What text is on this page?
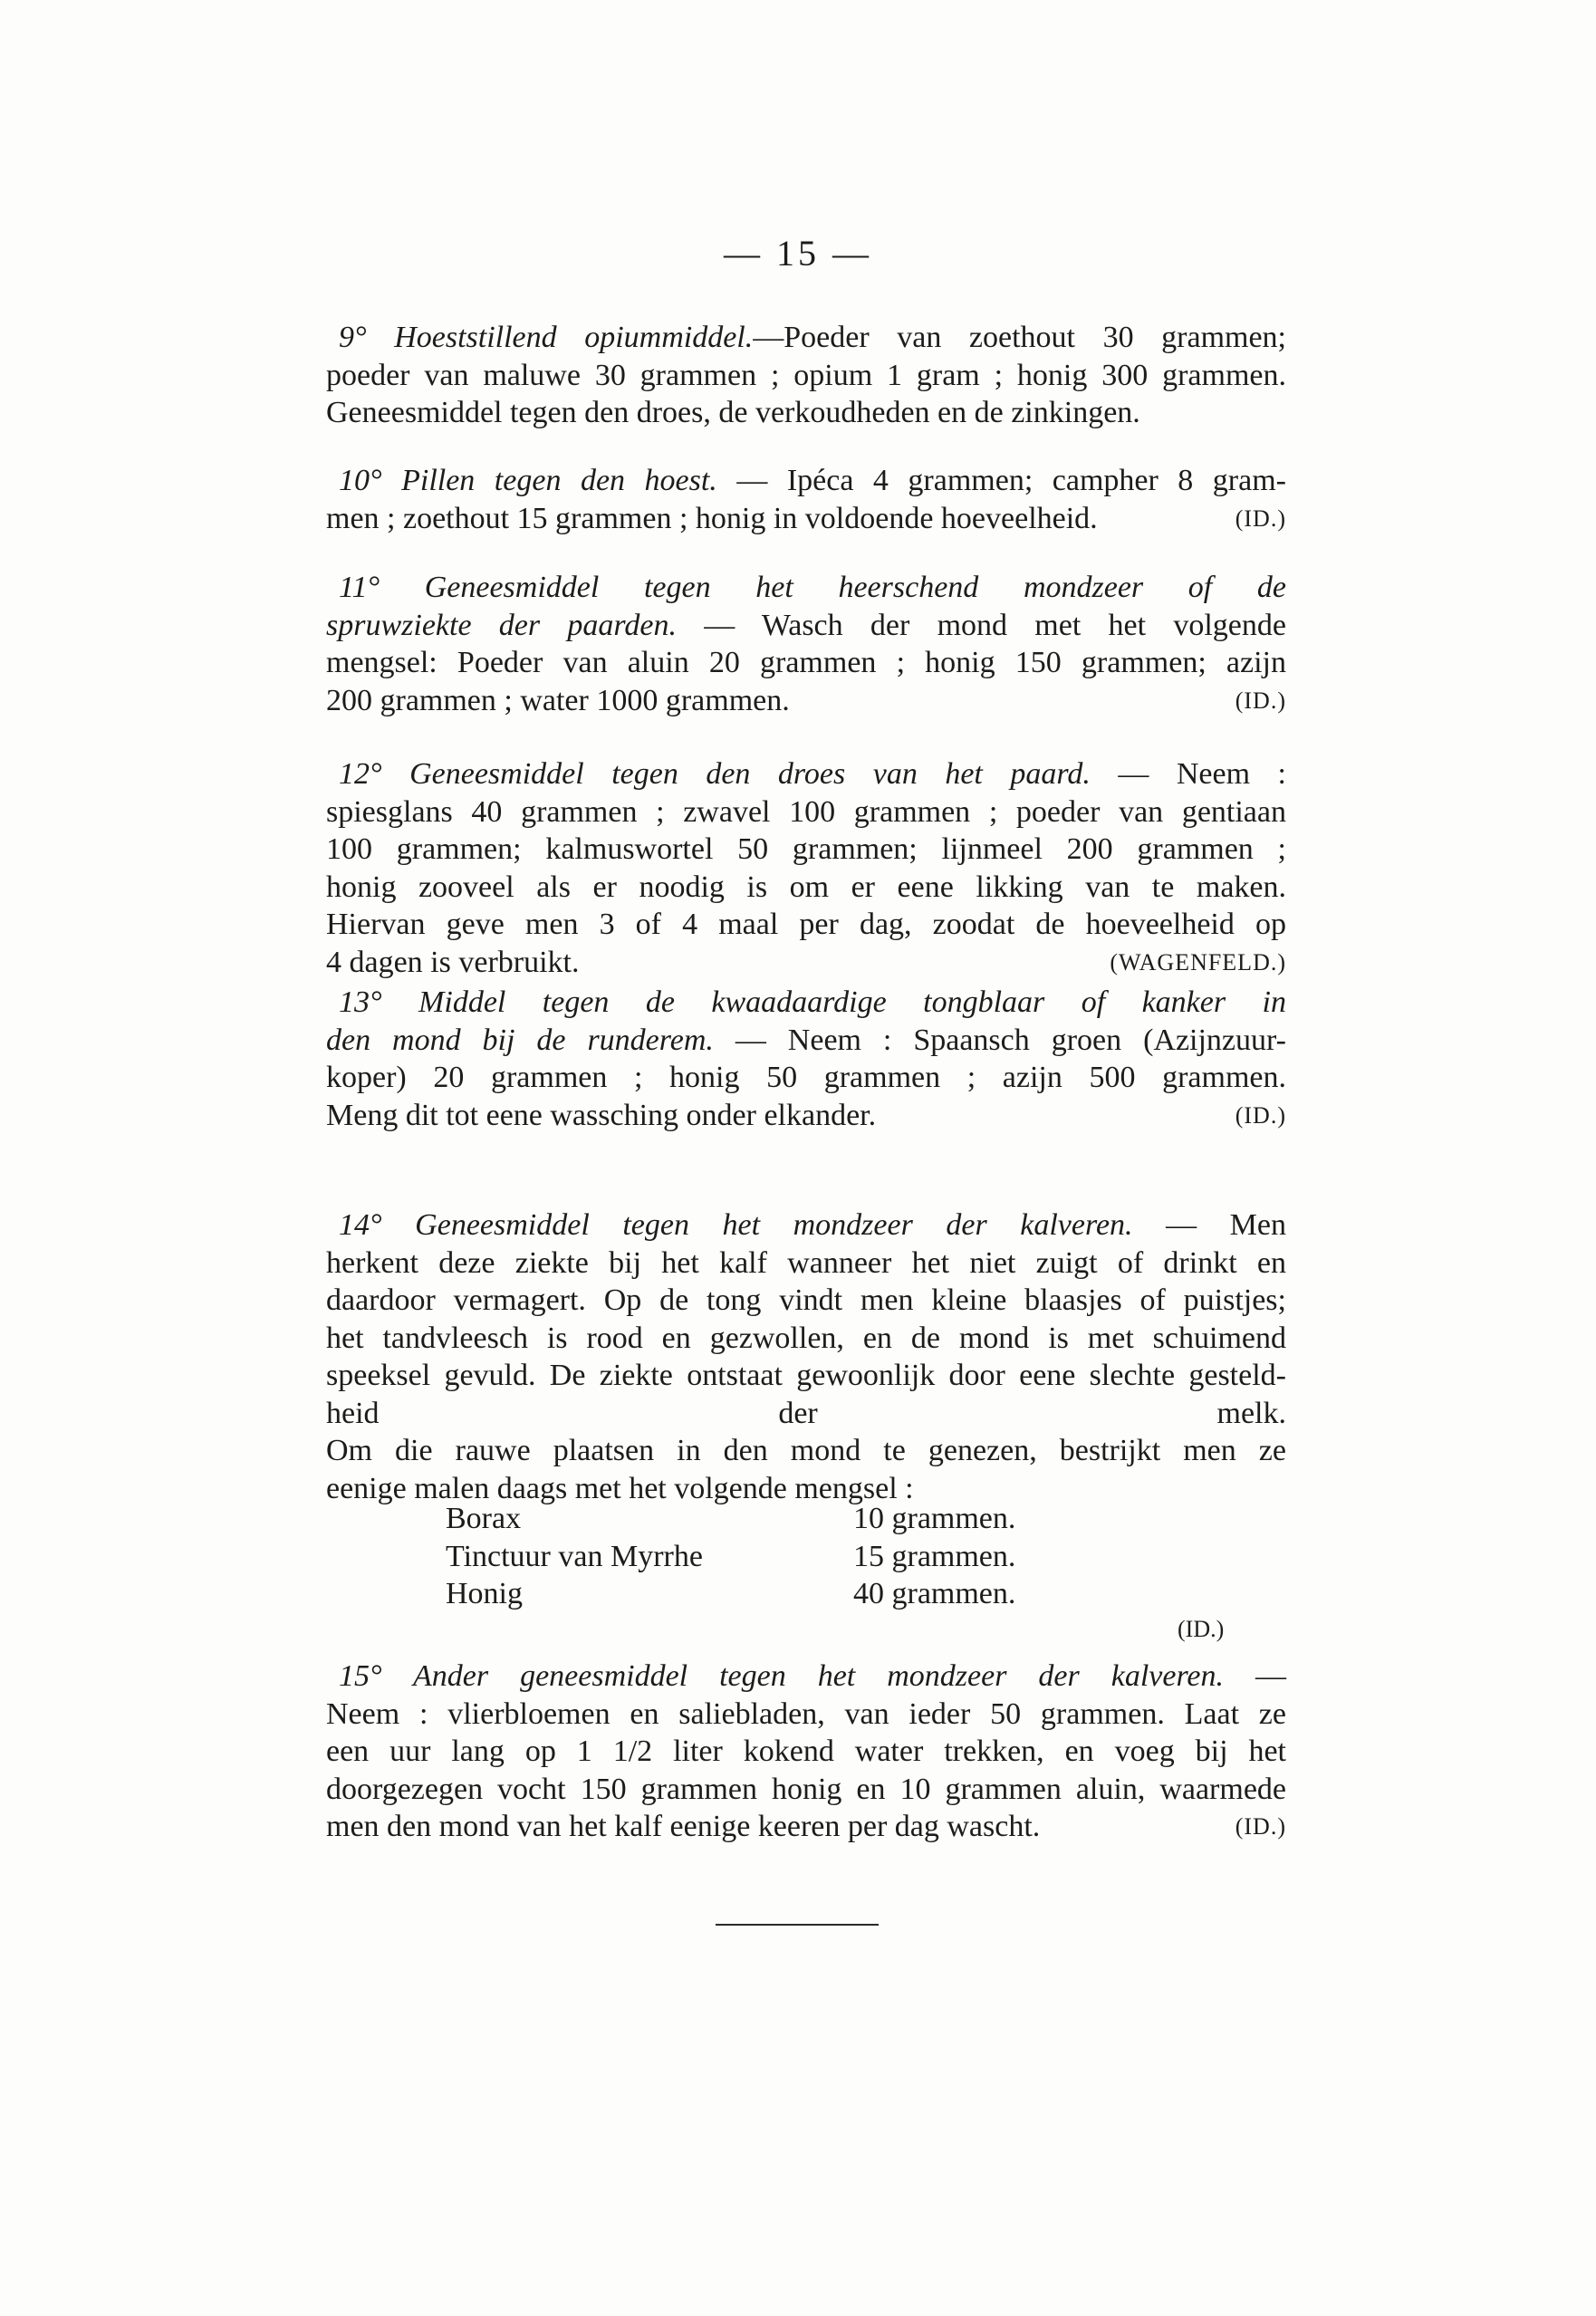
— 15 —
9° Hoeststillend opiummiddel.—Poeder van zoethout 30 grammen;
poeder van maluwe 30 grammen ; opium 1 gram ; honig 300 grammen.
Geneesmiddel tegen den droes, de verkoudheden en de zinkingen.
10° Pillen tegen den hoest. — Ipéca 4 grammen; campher 8 gram-
men ; zoethout 15 grammen ; honig in voldoende hoeveelheid.	(ID.)
11° Geneesmiddel tegen het heerschend mondzeer of de
spruwziekte der paarden. — Wasch der mond met het volgende
mengsel: Poeder van aluin 20 grammen ; honig 150 grammen; azijn
200 grammen ; water 1000 grammen.	(ID.)
12° Geneesmiddel tegen den droes van het paard. — Neem :
spiesglans 40 grammen ; zwavel 100 grammen ; poeder van gentiaan
100 grammen; kalmuswortel 50 grammen; lijnmeel 200 grammen ;
honig zooveel als er noodig is om er eene likking van te maken.
Hiervan geve men 3 of 4 maal per dag, zoodat de hoeveelheid op
4 dagen is verbruikt.	(WAGENFELD.)
13° Middel tegen de kwaadaardige tongblaar of kanker in
den mond bij de runderem. — Neem : Spaansch groen (Azijnzuur-
koper) 20 grammen ; honig 50 grammen ; azijn 500 grammen.
Meng dit tot eene wassching onder elkander.	(ID.)
14° Geneesmiddel tegen het mondzeer der kalveren. — Men
herkent deze ziekte bij het kalf wanneer het niet zuigt of drinkt en
daardoor vermagert. Op de tong vindt men kleine blaasjes of puistjes;
het tandvleesch is rood en gezwollen, en de mond is met schuimend
speeksel gevuld. De ziekte ontstaat gewoonlijk door eene slechte gesteld-
heid der melk.
Om die rauwe plaatsen in den mond te genezen, bestrijkt men ze
eenige malen daags met het volgende mengsel :
15° Ander geneesmiddel tegen het mondzeer der kalveren. —
Neem : vlierbloemen en saliebladen, van ieder 50 grammen. Laat ze
een uur lang op 1 1/2 liter kokend water trekken, en voeg bij het
doorgezegen vocht 150 grammen honig en 10 grammen aluin, waarmede
men den mond van het kalf eenige keeren per dag wascht.	(ID.)
Borax	10 grammen.
Tinctuur van Myrrhe	15 grammen.
Honig	40 grammen.
(ID.)
